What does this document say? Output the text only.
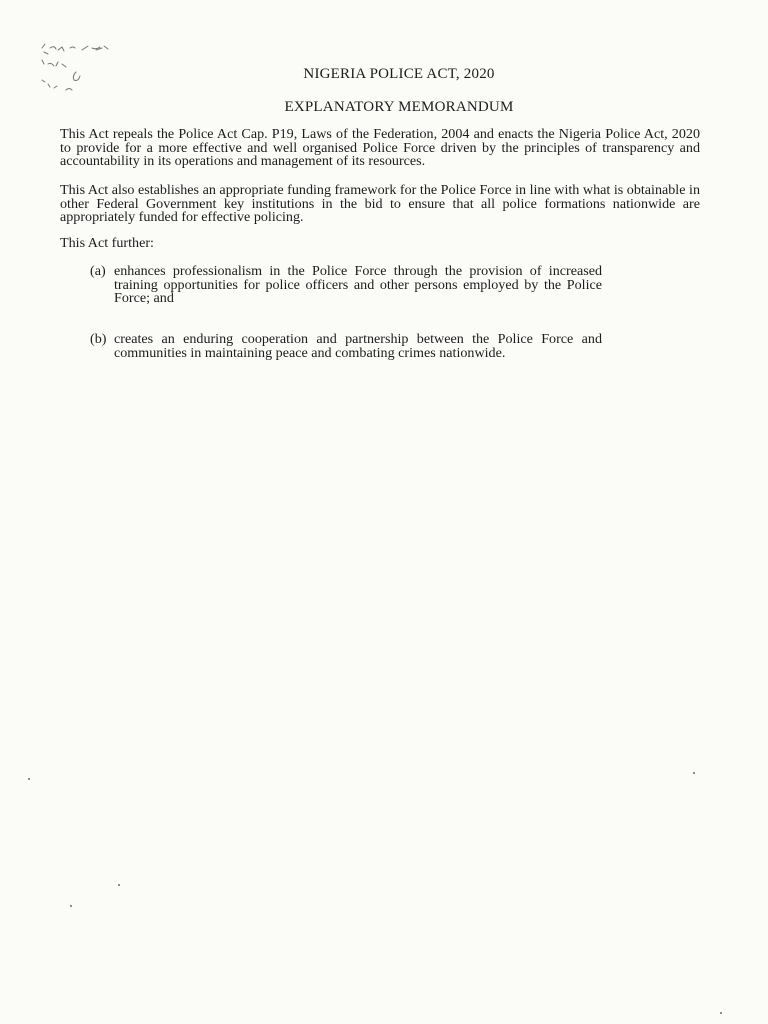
NIGERIA POLICE ACT, 2020
EXPLANATORY MEMORANDUM

This Act repeals the Police Act Cap. P19, Laws of the Federation, 2004 and enacts the Nigeria Police Act, 2020 to provide for a more effective and well organised Police Force driven by the principles of transparency and accountability in its operations and management of its resources.

This Act also establishes an appropriate funding framework for the Police Force in line with what is obtainable in other Federal Government key institutions in the bid to ensure that all police formations nationwide are appropriately funded for effective policing.

This Act further:

(a) enhances professionalism in the Police Force through the provision of increased training opportunities for police officers and other persons employed by the Police Force; and

(b) creates an enduring cooperation and partnership between the Police Force and communities in maintaining peace and combating crimes nationwide.
